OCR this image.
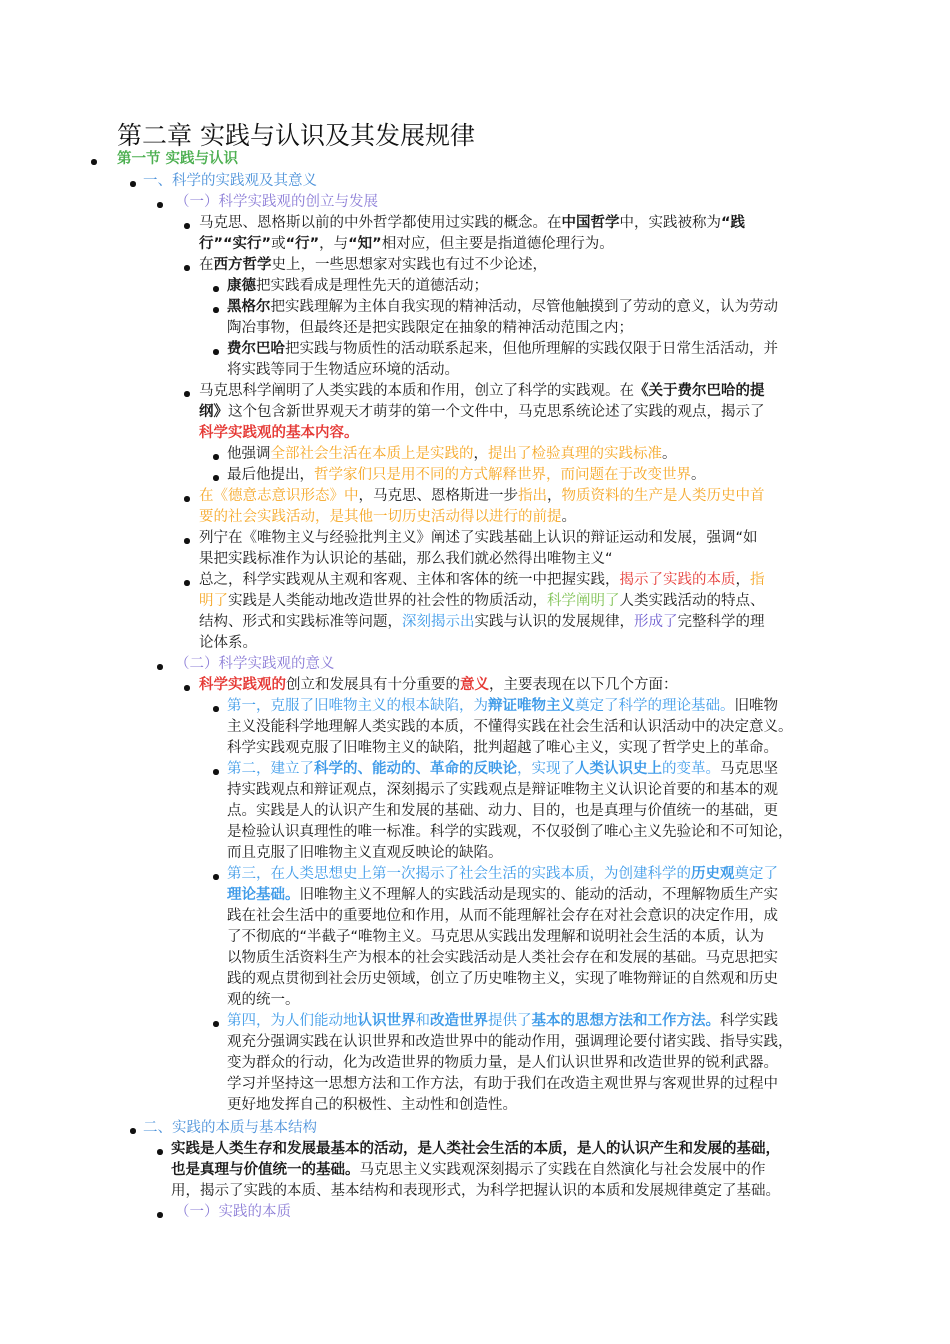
第二章 实践与认识及其发展规律
第一节 实践与认识
一、科学的实践观及其意义
（一）科学实践观的创立与发展
马克思、恩格斯以前的中外哲学都使用过实践的概念。在中国哲学中，实践被称为“践
行”“实行”或“行”，与“知”相对应，但主要是指道德伦理行为。
在西方哲学史上，一些思想家对实践也有过不少论述，
康德把实践看成是理性先天的道德活动；
黑格尔把实践理解为主体自我实现的精神活动，尽管他触摸到了劳动的意义，认为劳动
陶冶事物，但最终还是把实践限定在抽象的精神活动范围之内；
费尔巴哈把实践与物质性的活动联系起来，但他所理解的实践仅限于日常生活活动，并
将实践等同于生物适应环境的活动。
马克思科学阐明了人类实践的本质和作用，创立了科学的实践观。在《关于费尔巴哈的提
纲》这个包含新世界观天才萌芽的第一个文件中，马克思系统论述了实践的观点，揭示了
科学实践观的基本内容。
他强调全部社会生活在本质上是实践的，提出了检验真理的实践标准。
最后他提出，哲学家们只是用不同的方式解释世界，而问题在于改变世界。
在《德意志意识形态》中，马克思、恩格斯进一步指出，物质资料的生产是人类历史中首
要的社会实践活动，是其他一切历史活动得以进行的前提。
列宁在《唯物主义与经验批判主义》阐述了实践基础上认识的辩证运动和发展，强调“如
果把实践标准作为认识论的基础，那么我们就必然得出唯物主义“
总之，科学实践观从主观和客观、主体和客体的统一中把握实践，揭示了实践的本质，指
明了实践是人类能动地改造世界的社会性的物质活动，科学阐明了人类实践活动的特点、
结构、形式和实践标准等问题，深刻揭示出实践与认识的发展规律，形成了完整科学的理
论体系。
（二）科学实践观的意义
科学实践观的创立和发展具有十分重要的意义，主要表现在以下几个方面：
第一，克服了旧唯物主义的根本缺陷，为辩证唯物主义奠定了科学的理论基础。旧唯物
主义没能科学地理解人类实践的本质，不懂得实践在社会生活和认识活动中的决定意义。
科学实践观克服了旧唯物主义的缺陷，批判超越了唯心主义，实现了哲学史上的革命。
第二，建立了科学的、能动的、革命的反映论，实现了人类认识史上的变革。马克思坚
持实践观点和辩证观点，深刻揭示了实践观点是辩证唯物主义认识论首要的和基本的观
点。实践是人的认识产生和发展的基础、动力、目的，也是真理与价值统一的基础，更
是检验认识真理性的唯一标准。科学的实践观，不仅驳倒了唯心主义先验论和不可知论，
而且克服了旧唯物主义直观反映论的缺陷。
第三，在人类思想史上第一次揭示了社会生活的实践本质，为创建科学的历史观奠定了
理论基础。旧唯物主义不理解人的实践活动是现实的、能动的活动，不理解物质生产实
践在社会生活中的重要地位和作用，从而不能理解社会存在对社会意识的决定作用，成
了不彻底的“半截子“唯物主义。马克思从实践出发理解和说明社会生活的本质，认为
以物质生活资料生产为根本的社会实践活动是人类社会存在和发展的基础。马克思把实
践的观点贯彻到社会历史领域，创立了历史唯物主义，实现了唯物辩证的自然观和历史
观的统一。
第四，为人们能动地认识世界和改造世界提供了基本的思想方法和工作方法。科学实践
观充分强调实践在认识世界和改造世界中的能动作用，强调理论要付诸实践、指导实践，
变为群众的行动，化为改造世界的物质力量，是人们认识世界和改造世界的锐利武器。
学习并坚持这一思想方法和工作方法，有助于我们在改造主观世界与客观世界的过程中
更好地发挥自己的积极性、主动性和创造性。
二、实践的本质与基本结构
实践是人类生存和发展最基本的活动，是人类社会生活的本质，是人的认识产生和发展的基础，
也是真理与价值统一的基础。马克思主义实践观深刻揭示了实践在自然演化与社会发展中的作
用，揭示了实践的本质、基本结构和表现形式，为科学把握认识的本质和发展规律奠定了基础。
（一）实践的本质
